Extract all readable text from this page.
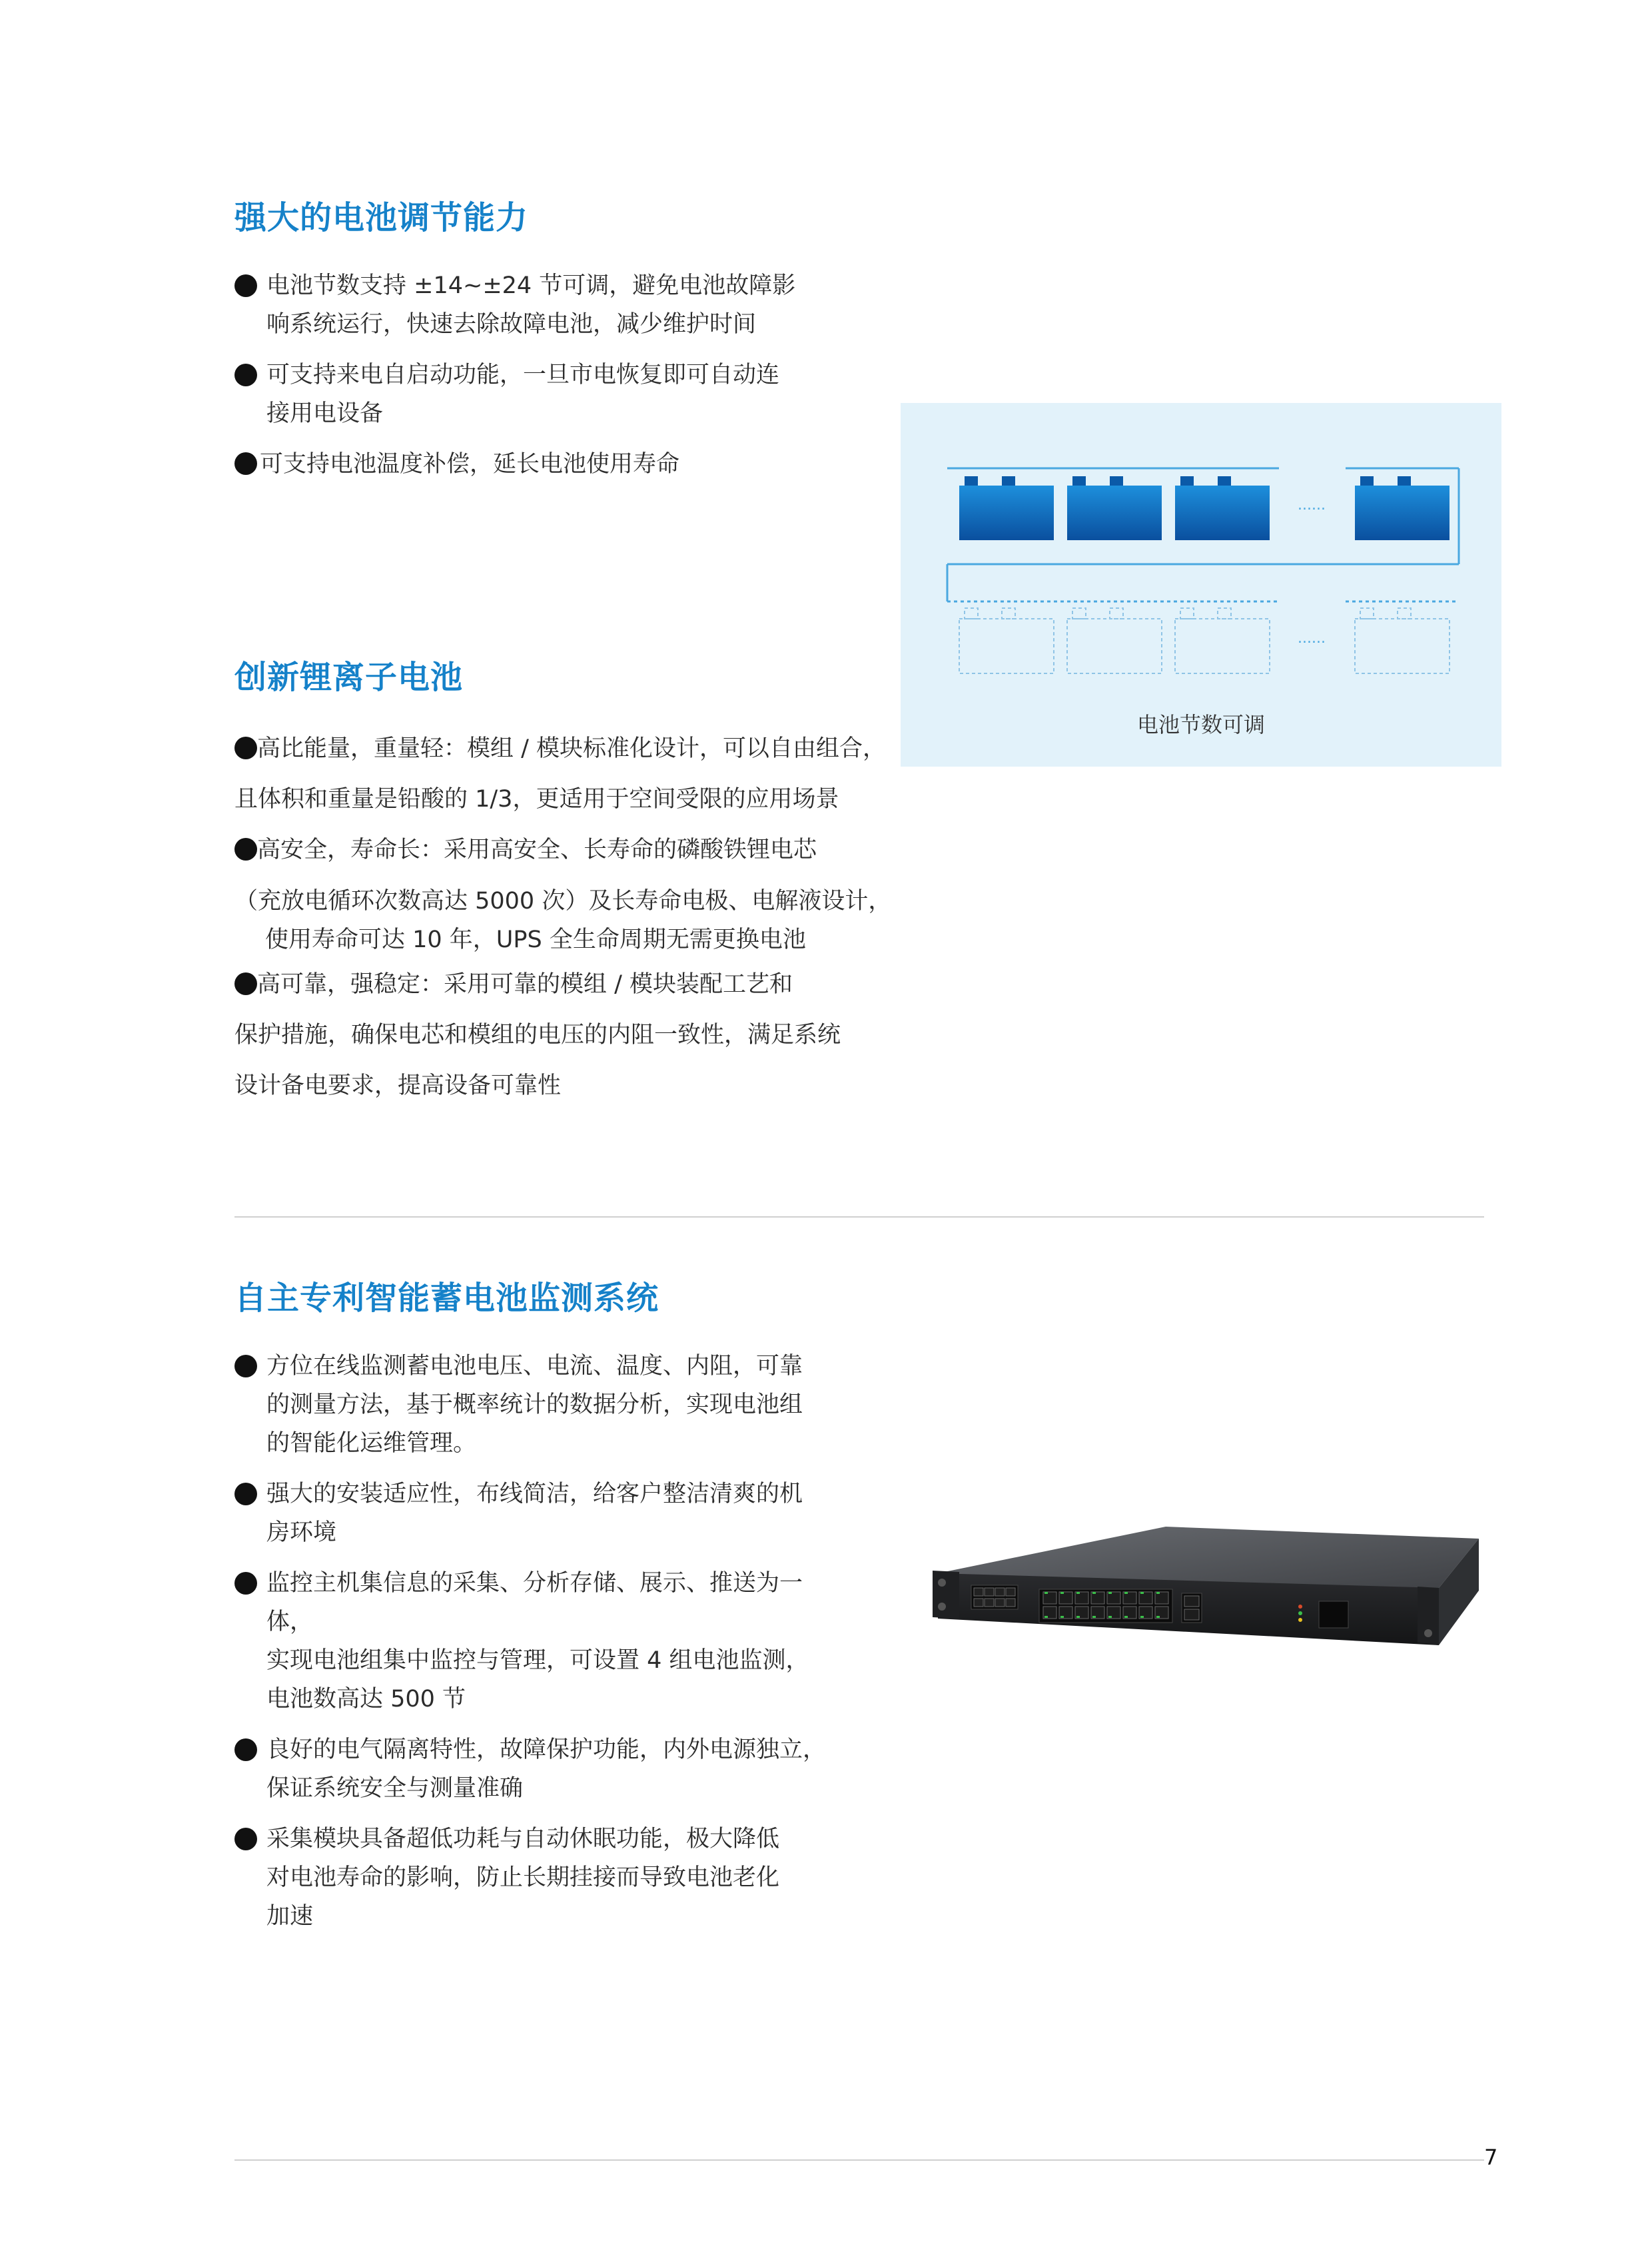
强大的电池调节能力
电池节数支持 ±14~±24 节可调，避免电池故障影
响系统运行，快速去除故障电池，减少维护时间
可支持来电自启动功能，一旦市电恢复即可自动连
接用电设备
可支持电池温度补偿，延长电池使用寿命
......
......
电池节数可调
创新锂离子电池
高比能量，重量轻：模组 / 模块标准化设计，可以自由组合，
且体积和重量是铅酸的 1/3，更适用于空间受限的应用场景
高安全，寿命长：采用高安全、长寿命的磷酸铁锂电芯
（充放电循环次数高达 5000 次）及长寿命电极、电解液设计，
使用寿命可达 10 年，UPS 全生命周期无需更换电池
高可靠，强稳定：采用可靠的模组 / 模块装配工艺和
保护措施，确保电芯和模组的电压的内阻一致性，满足系统
设计备电要求，提高设备可靠性
自主专利智能蓄电池监测系统
方位在线监测蓄电池电压、电流、温度、内阻，可靠
的测量方法，基于概率统计的数据分析，实现电池组
的智能化运维管理。
强大的安装适应性，布线简洁，给客户整洁清爽的机
房环境
监控主机集信息的采集、分析存储、展示、推送为一体，
实现电池组集中监控与管理，可设置 4 组电池监测，
电池数高达 500 节
良好的电气隔离特性，故障保护功能，内外电源独立，
保证系统安全与测量准确
采集模块具备超低功耗与自动休眠功能，极大降低
对电池寿命的影响，防止长期挂接而导致电池老化
加速
7
